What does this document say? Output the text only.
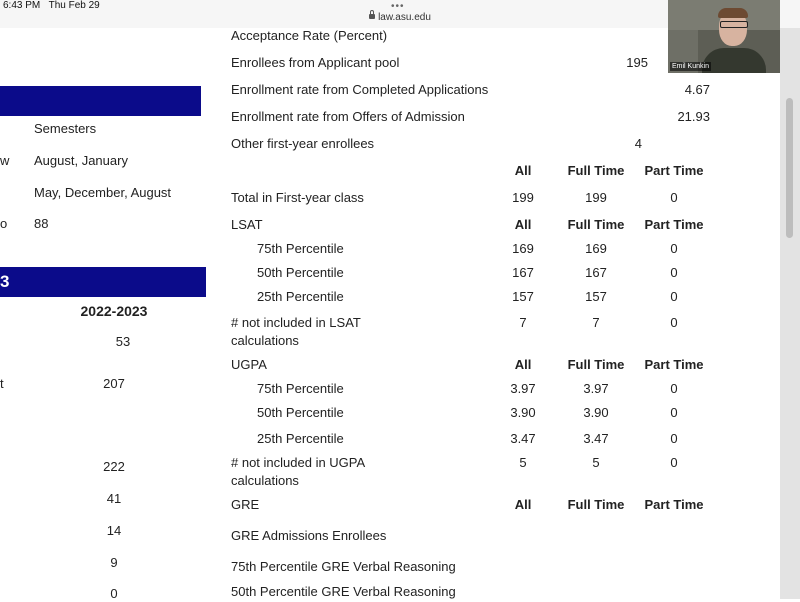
6:43 PM Thu Feb 29	•••
law.asu.edu
Semesters
w August, January
May, December, August
o 88
3
2022-2023
53
t	207
222
41
14
9
0
Acceptance Rate (Percent)
Enrollees from Applicant pool	195
Enrollment rate from Completed Applications	4.67
Enrollment rate from Offers of Admission	21.93
Other first-year enrollees	4
All	Full Time	Part Time
Total in First-year class	199	199	0
LSAT	All	Full Time	Part Time
75th Percentile	169	169	0
50th Percentile	167	167	0
25th Percentile	157	157	0
# not included in LSAT
calculations
7	7	0
UGPA	All	Full Time	Part Time
75th Percentile	3.97	3.97	0
50th Percentile	3.90	3.90	0
25th Percentile	3.47	3.47	0
# not included in UGPA
calculations
5	5	0
GRE	All	Full Time	Part Time
GRE Admissions Enrollees
75th Percentile GRE Verbal Reasoning
50th Percentile GRE Verbal Reasoning
Emil Kunkin
